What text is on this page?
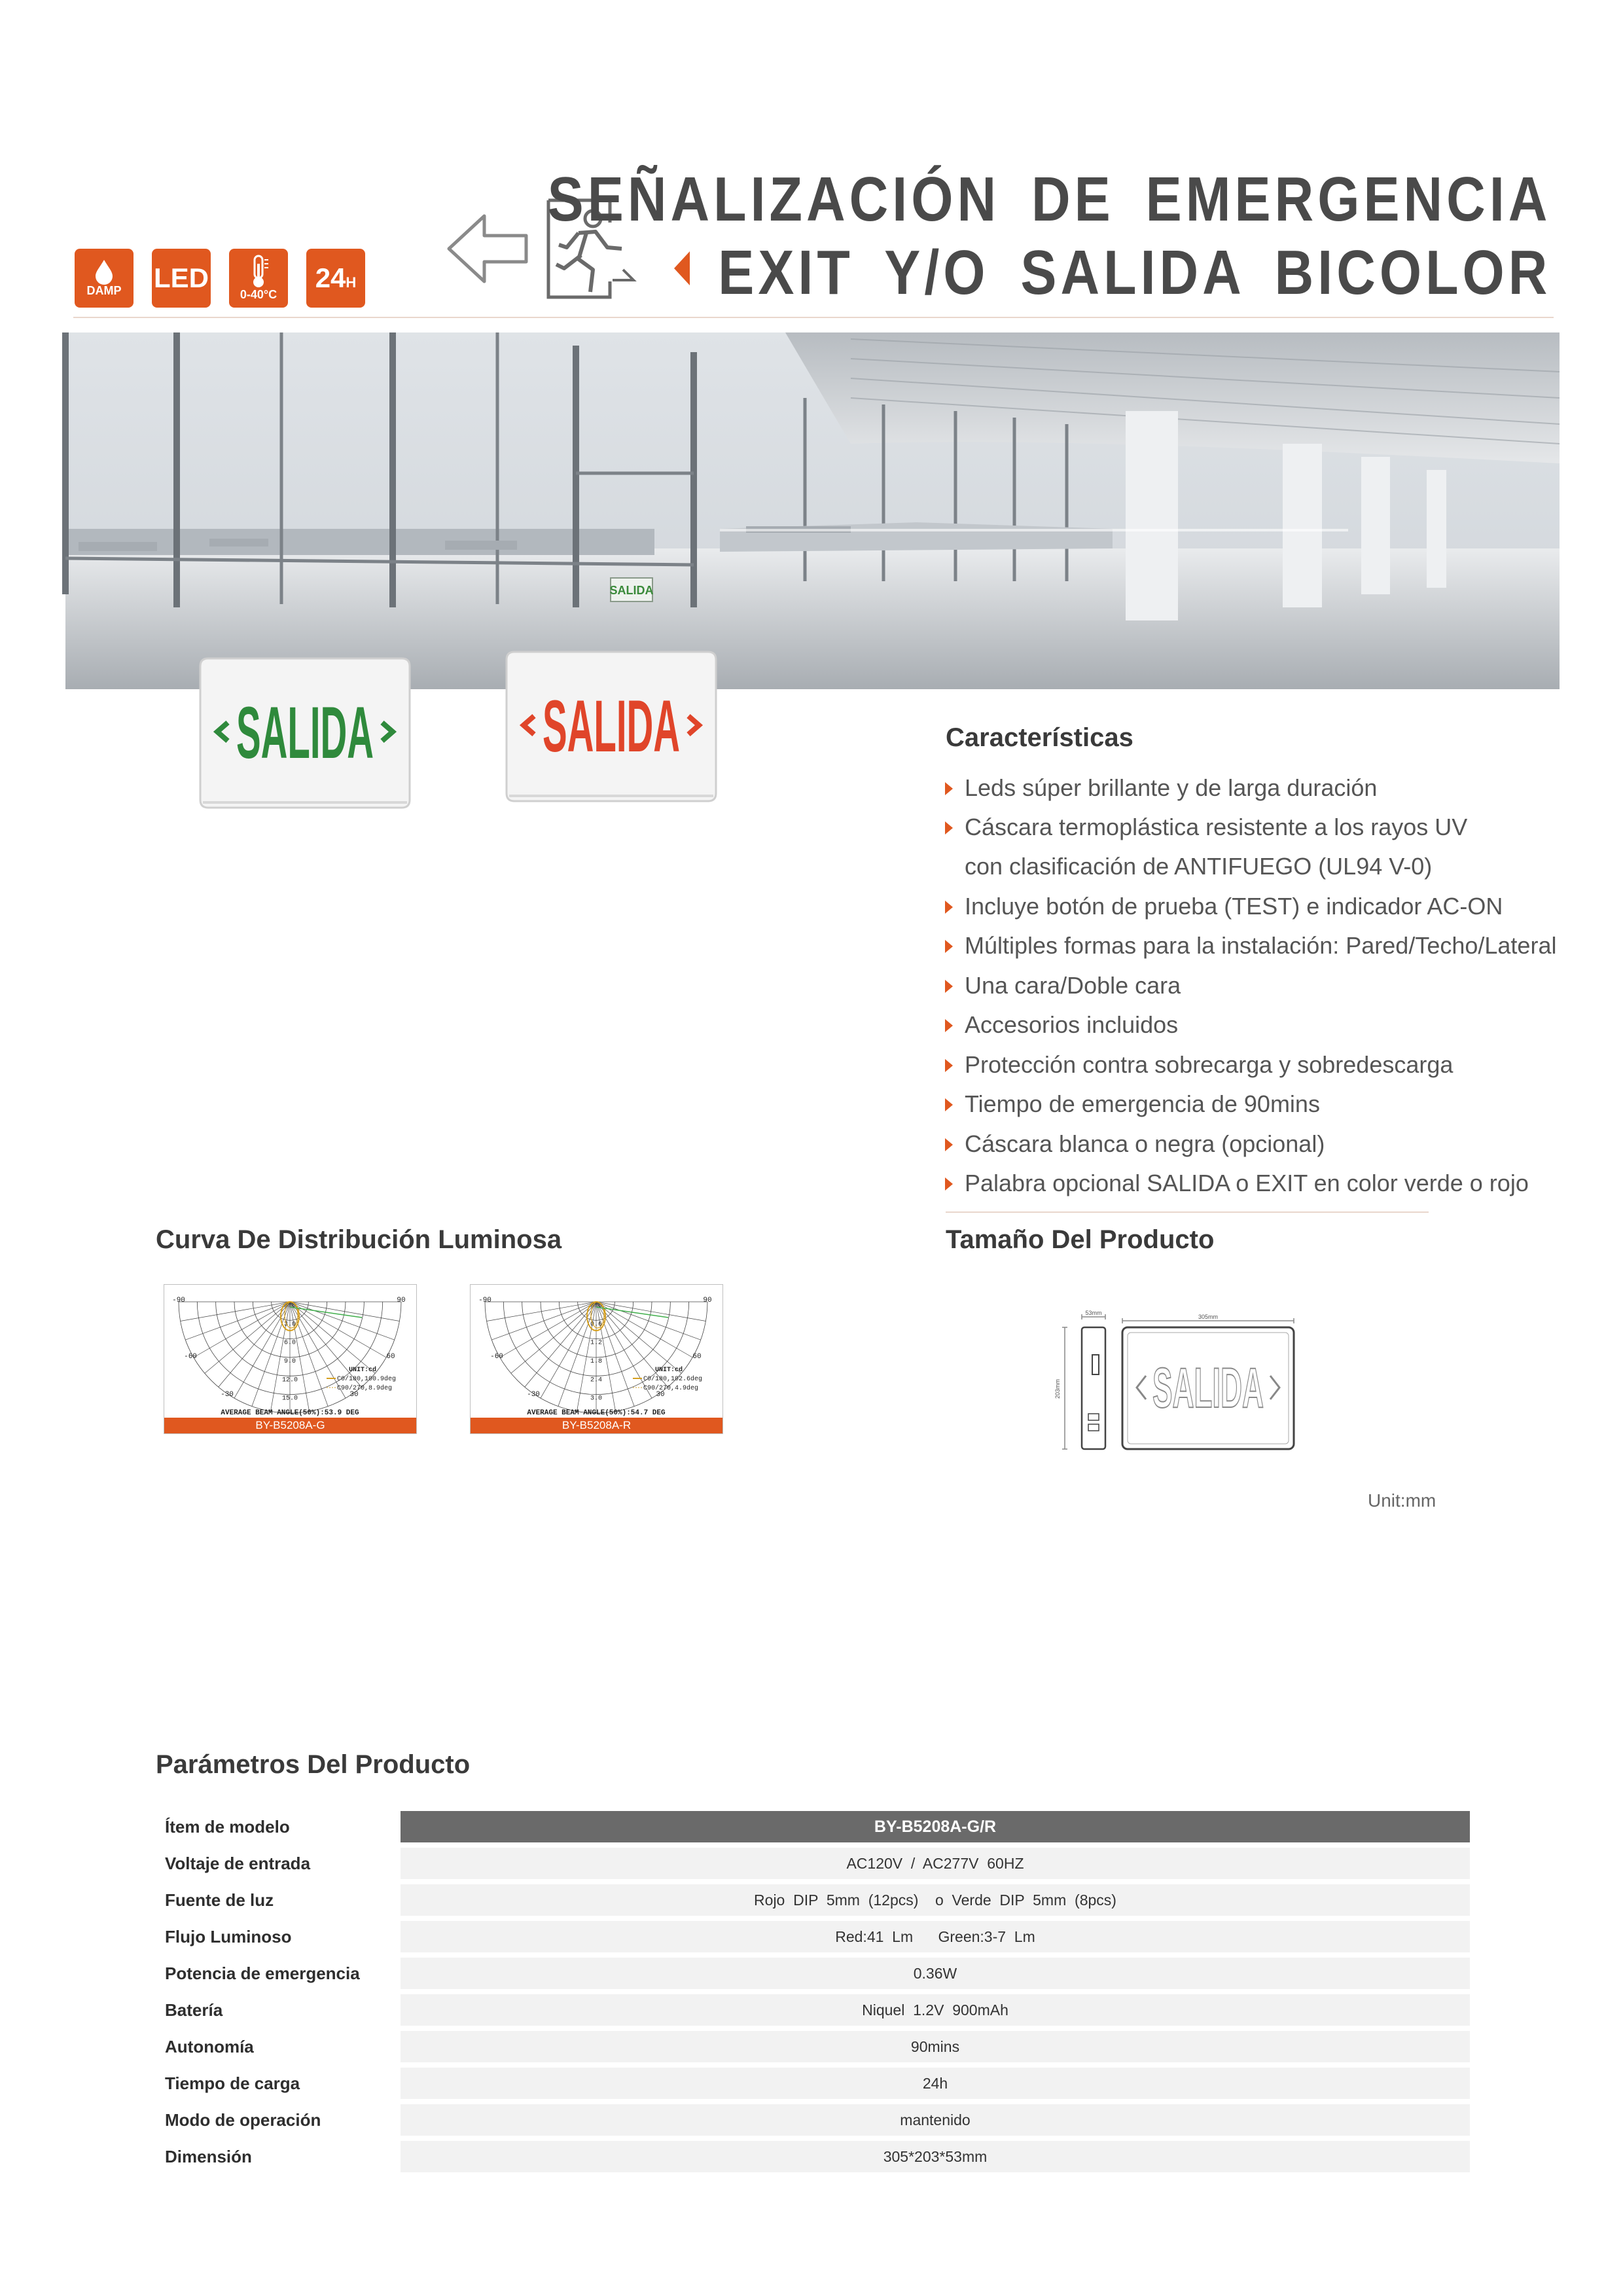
DAMP LED
0-40°C
24 H
SEÑALIZACIÓN DE EMERGENCIA
EXIT Y/O SALIDA BICOLOR
SALIDA
SALIDA SALIDA	Características
Leds súper brillante y de larga duración
Cáscara termoplástica resistente a los rayos UV
con clasificación de ANTIFUEGO (UL94 V-0)
Incluye botón de prueba (TEST) e indicador AC-ON
Múltiples formas para la instalación: Pared/Techo/Lateral
Una cara/Doble cara
Accesorios incluidos
Protección contra sobrecarga y sobredescarga
Tiempo de emergencia de 90mins
Cáscara blanca o negra (opcional)
Palabra opcional SALIDA o EXIT en color verde o rojo
Curva De Distribución Luminosa
-90	90
-60	60
-30	30
0.0
3.0
6.0
9.0
12.0
15.0
UNIT:cd
C0/180,100.9deg
C90/270,8.9deg
AVERAGE BEAM ANGLE(50%):53.9 DEG
BY-B5208A-G
-90	90
-60	60
-30	30
0.0
0.6
1.2
1.8
2.4
3.0
UNIT:cd
C0/180,102.6deg
C90/270,4.9deg
AVERAGE BEAM ANGLE(50%):54.7 DEG
BY-B5208A-R
Tamaño Del Producto
53mm
305mm
203mm SALIDA
Unit:mm
Parámetros Del Producto
Ítem de modelo	BY-B5208A-G/R
Voltaje de entrada	AC120V  /  AC277V  60HZ
Fuente de luz	Rojo  DIP  5mm  (12pcs)    o  Verde  DIP  5mm  (8pcs)
Flujo Luminoso	Red:41  Lm      Green:3-7  Lm
Potencia de emergencia	0.36W
Batería	Niquel  1.2V  900mAh
Autonomía	90mins
Tiempo de carga	24h
Modo de operación	mantenido
Dimensión	305*203*53mm
